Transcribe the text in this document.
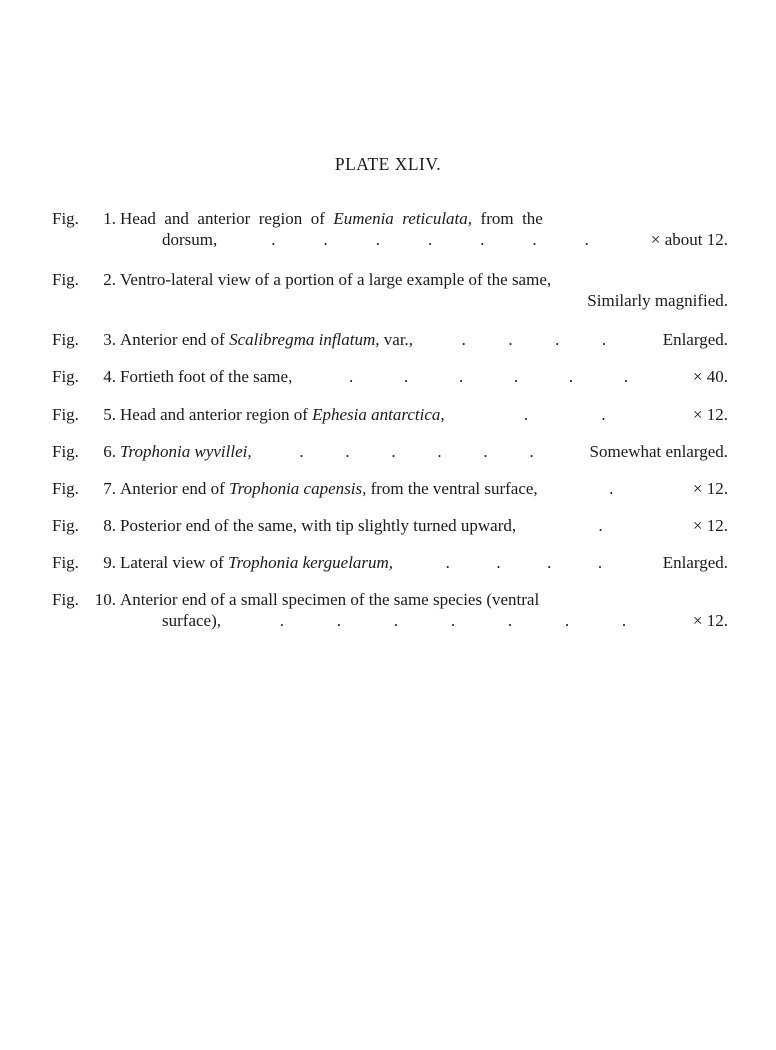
PLATE XLIV.
Fig.	1. Head  and  anterior  region  of  Eumenia  reticulata,  from  the
dorsum,	.	.	.	.	.	.	.	× about 12.
Fig.	2. Ventro-lateral view of a portion of a large example of the same,
Similarly magnified.
Fig.	3. Anterior end of Scalibregma inflatum, var.,	.	.	.	.	Enlarged.
Fig.	4. Fortieth foot of the same,	.	.	.	.	.	.	× 40.
Fig.	5. Head and anterior region of Ephesia antarctica,	.	.	× 12.
Fig.	6. Trophonia wyvillei,	. . . . . .	Somewhat enlarged.
Fig.	7. Anterior end of Trophonia capensis, from the ventral surface,	.	× 12.
Fig.	8. Posterior end of the same, with tip slightly turned upward,	.	× 12.
Fig.	9. Lateral view of Trophonia kerguelarum,	.	.	.	.	Enlarged.
Fig. 10. Anterior end of a small specimen of the same species (ventral
surface),	.	.	.	.	.	.	.	× 12.
